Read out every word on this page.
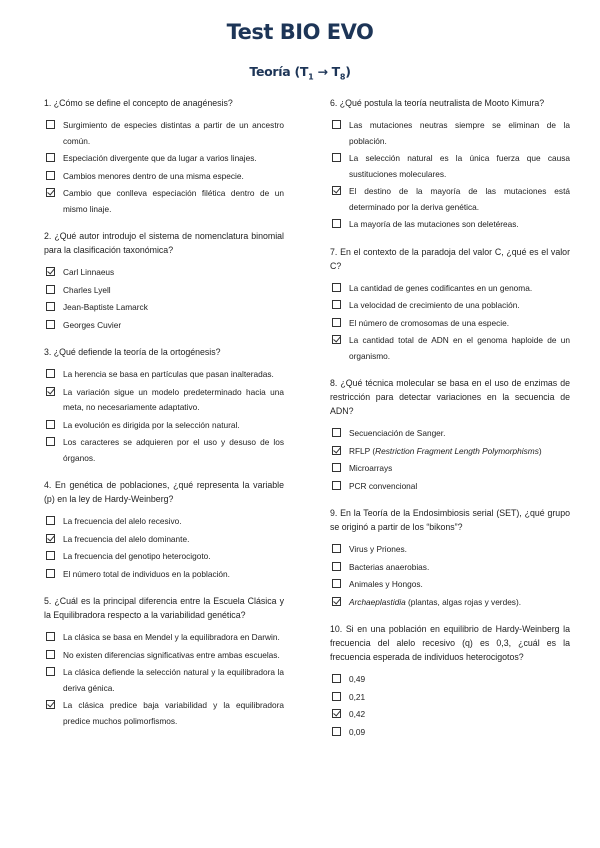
Test BIO EVO
Teoría $(T_1 \to T_8)$
1. ¿Cómo se define el concepto de anagénesis?
Surgimiento de especies distintas a partir de un ancestro común.
Especiación divergente que da lugar a varios linajes.
Cambios menores dentro de una misma especie.
Cambio que conlleva especiación filética dentro de un mismo linaje.
2. ¿Qué autor introdujo el sistema de nomenclatura binomial para la clasificación taxonómica?
Carl Linnaeus
Charles Lyell
Jean-Baptiste Lamarck
Georges Cuvier
3. ¿Qué defiende la teoría de la ortogénesis?
La herencia se basa en partículas que pasan inalteradas.
La variación sigue un modelo predeterminado hacia una meta, no necesariamente adaptativo.
La evolución es dirigida por la selección natural.
Los caracteres se adquieren por el uso y desuso de los órganos.
4. En genética de poblaciones, ¿qué representa la variable (p) en la ley de Hardy-Weinberg?
La frecuencia del alelo recesivo.
La frecuencia del alelo dominante.
La frecuencia del genotipo heterocigoto.
El número total de individuos en la población.
5. ¿Cuál es la principal diferencia entre la Escuela Clásica y la Equilibradora respecto a la variabilidad genética?
La clásica se basa en Mendel y la equilibradora en Darwin.
No existen diferencias significativas entre ambas escuelas.
La clásica defiende la selección natural y la equilibradora la deriva génica.
La clásica predice baja variabilidad y la equilibradora predice muchos polimorfismos.
6. ¿Qué postula la teoría neutralista de Mooto Kimura?
Las mutaciones neutras siempre se eliminan de la población.
La selección natural es la única fuerza que causa sustituciones moleculares.
El destino de la mayoría de las mutaciones está determinado por la deriva genética.
La mayoría de las mutaciones son deletéreas.
7. En el contexto de la paradoja del valor C, ¿qué es el valor C?
La cantidad de genes codificantes en un genoma.
La velocidad de crecimiento de una población.
El número de cromosomas de una especie.
La cantidad total de ADN en el genoma haploide de un organismo.
8. ¿Qué técnica molecular se basa en el uso de enzimas de restricción para detectar variaciones en la secuencia de ADN?
Secuenciación de Sanger.
RFLP (Restriction Fragment Length Polymorphisms)
Microarrays
PCR convencional
9. En la Teoría de la Endosimbiosis serial (SET), ¿qué grupo se originó a partir de los “bikons”?
Virus y Priones.
Bacterias anaerobias.
Animales y Hongos.
Archaeplastidia (plantas, algas rojas y verdes).
10. Si en una población en equilibrio de Hardy-Weinberg la frecuencia del alelo recesivo (q) es 0,3, ¿cuál es la frecuencia esperada de individuos heterocigotos?
0,49
0,21
0,42
0,09
